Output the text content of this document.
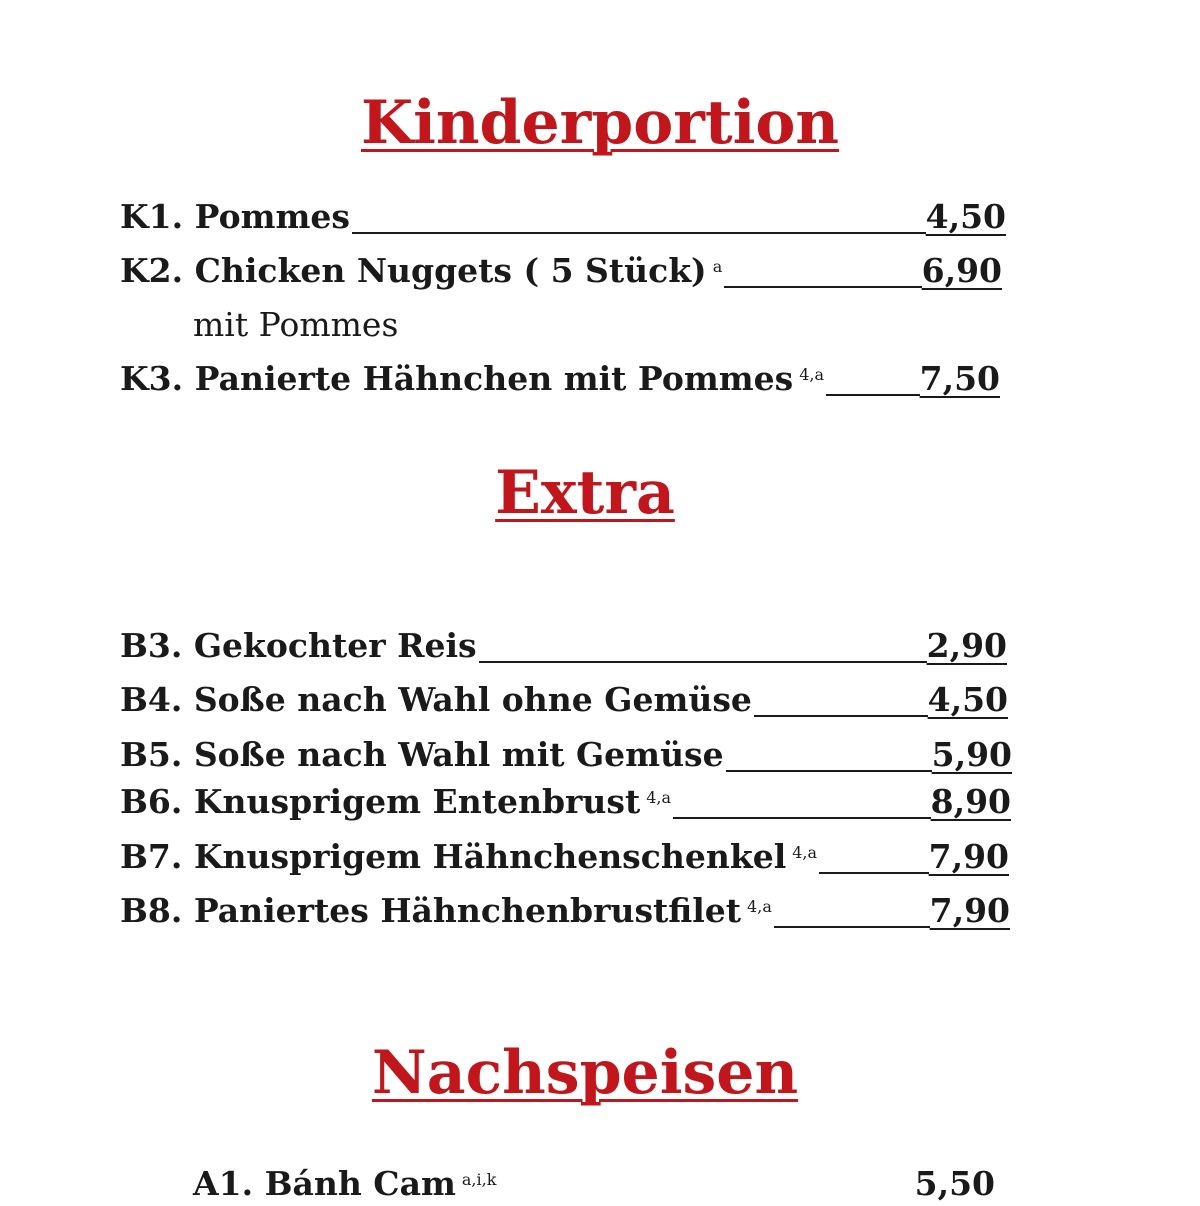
Kinderportion
K1. Pommes	4,50
K2. Chicken Nuggets ( 5 Stück) $^a$	6,90
mit Pommes
K3. Panierte Hähnchen mit Pommes $^{4,a}$	7,50
Extra
B3. Gekochter Reis	2,90
B4. Soße nach Wahl ohne Gemüse	4,50
B5. Soße nach Wahl mit Gemüse	5,90
B6. Knusprigem Entenbrust $^{4,a}$	8,90
B7. Knusprigem Hähnchenschenkel $^{4,a}$	7,90
B8. Paniertes Hähnchenbrustfilet $^{4,a}$	7,90
Nachspeisen
A1. Bánh Cam $^{a,i,k}$	5,50
